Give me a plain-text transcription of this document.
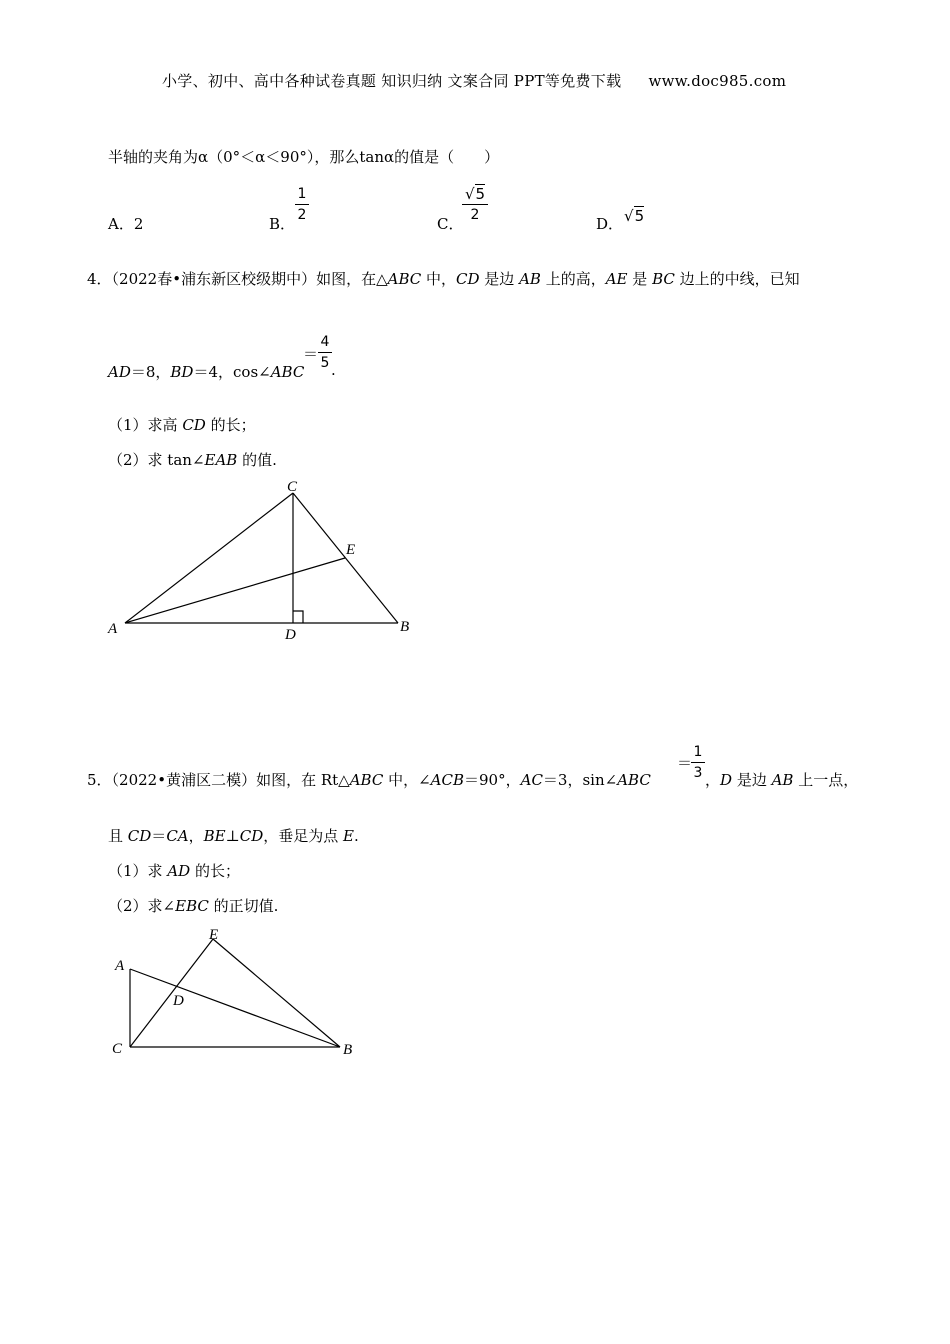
小学、初中、高中各种试卷真题 知识归纳 文案合同 PPT等免费下载 www.doc985.com
半轴的夹角为α（0°＜α＜90°），那么tanα的值是（　　）
A．2	B．
1
2	C．
√5
2	D． √5
4．（2022春•浦东新区校级期中）如图，在△ABC 中，CD 是边 AB 上的高，AE 是 BC 边上的中线，已知
AD＝8，BD＝4，cos∠ABC
＝
4
5 .
（1）求高 CD 的长；
（2）求 tan∠EAB 的值.
A	B
C
D
E
5．（2022•黄浦区二模）如图，在 Rt△ABC 中，∠ACB＝90°，AC＝3，sin∠ABC
＝
1
3 ，D 是边 AB 上一点，
且 CD＝CA，BE⊥CD，垂足为点 E.
（1）求 AD 的长；
（2）求∠EBC 的正切值.
A
B
C
D
E
